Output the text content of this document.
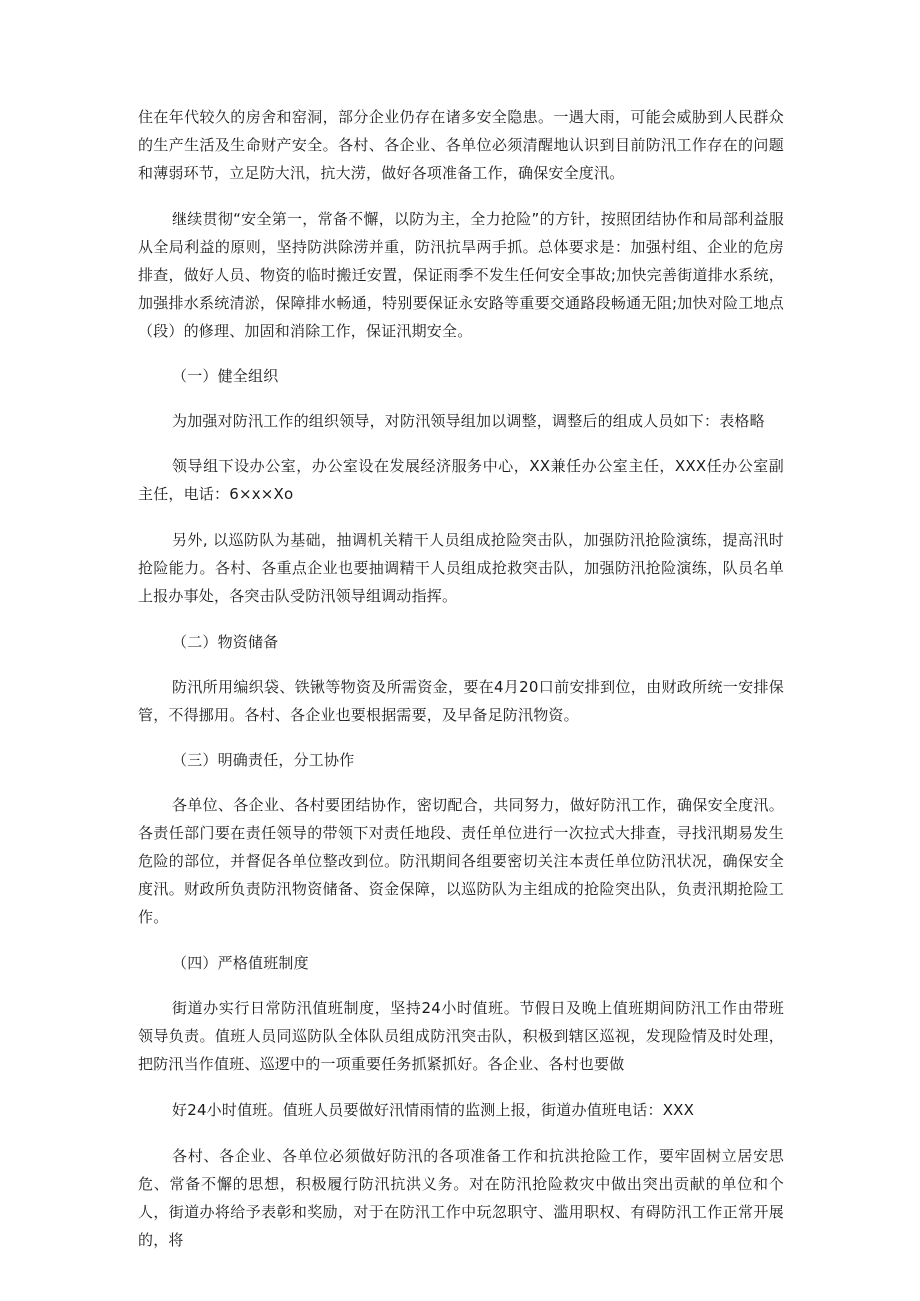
住在年代较久的房舍和窑洞，部分企业仍存在诸多安全隐患。一遇大雨，可能会威胁到人民群众的生产生活及生命财产安全。各村、各企业、各单位必须清醒地认识到目前防汛工作存在的问题和薄弱环节，立足防大汛，抗大涝，做好各项准备工作，确保安全度汛。

继续贯彻“安全第一，常备不懈，以防为主，全力抢险”的方针，按照团结协作和局部利益服从全局利益的原则，坚持防洪除涝并重，防汛抗旱两手抓。总体要求是：加强村组、企业的危房排查，做好人员、物资的临时搬迁安置，保证雨季不发生任何安全事故;加快完善街道排水系统，加强排水系统清淤，保障排水畅通，特别要保证永安路等重要交通路段畅通无阻;加快对险工地点（段）的修理、加固和消除工作，保证汛期安全。

（一）健全组织

为加强对防汛工作的组织领导，对防汛领导组加以调整，调整后的组成人员如下：表格略

领导组下设办公室，办公室设在发展经济服务中心，XX兼任办公室主任，XXX任办公室副主任，电话：6×x×Xo

另外, 以巡防队为基础，抽调机关精干人员组成抢险突击队，加强防汛抢险演练，提高汛时抢险能力。各村、各重点企业也要抽调精干人员组成抢救突击队，加强防汛抢险演练，队员名单上报办事处，各突击队受防汛领导组调动指挥。

（二）物资储备

防汛所用编织袋、铁锹等物资及所需资金，要在4月20口前安排到位，由财政所统一安排保管，不得挪用。各村、各企业也要根据需要，及早备足防汛物资。

（三）明确责任，分工协作

各单位、各企业、各村要团结协作，密切配合，共同努力，做好防汛工作，确保安全度汛。各责任部门要在责任领导的带领下对责任地段、责任单位进行一次拉式大排查，寻找汛期易发生危险的部位，并督促各单位整改到位。防汛期间各组要密切关注本责任单位防汛状况，确保安全度汛。财政所负责防汛物资储备、资金保障，以巡防队为主组成的抢险突出队，负责汛期抢险工作。

（四）严格值班制度

街道办实行日常防汛值班制度，坚持24小时值班。节假日及晚上值班期间防汛工作由带班领导负责。值班人员同巡防队全体队员组成防汛突击队，积极到辖区巡视，发现险情及时处理，把防汛当作值班、巡逻中的一项重要任务抓紧抓好。各企业、各村也要做

好24小时值班。值班人员要做好汛情雨情的监测上报，街道办值班电话：XXX

各村、各企业、各单位必须做好防汛的各项准备工作和抗洪抢险工作，要牢固树立居安思危、常备不懈的思想，积极履行防汛抗洪义务。对在防汛抢险救灾中做出突出贡献的单位和个人，街道办将给予表彰和奖励，对于在防汛工作中玩忽职守、滥用职权、有碍防汛工作正常开展的，将
